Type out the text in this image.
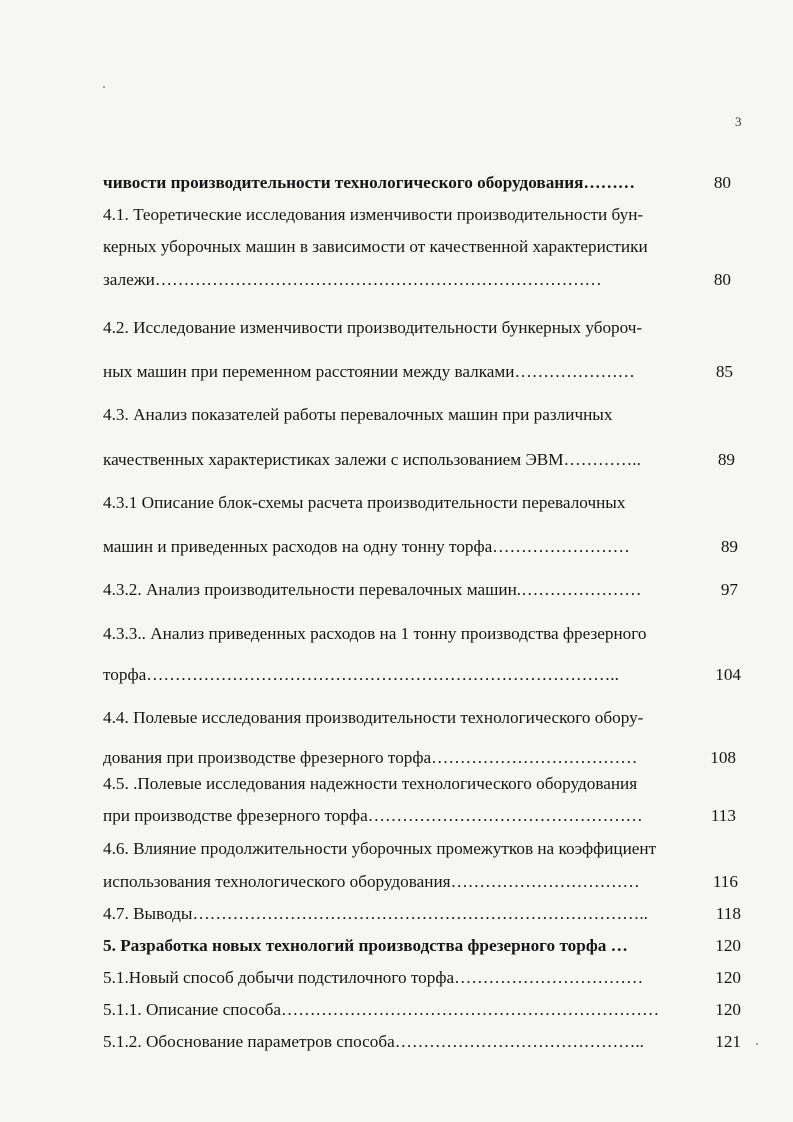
3
чивости производительности технологического оборудования………	80
4.1. Теоретические исследования изменчивости производительности бун-
керных уборочных машин в зависимости от качественной характеристики
залежи……………………………………………………………………	80
4.2. Исследование изменчивости производительности бункерных убороч-
ных машин при переменном расстоянии между валками…………………	85
4.3. Анализ показателей работы перевалочных машин при различных
качественных характеристиках залежи с использованием ЭВМ…………..	89
4.3.1 Описание блок-схемы расчета производительности перевалочных
машин и приведенных расходов на одну тонну торфа……………………	89
4.3.2. Анализ производительности перевалочных машин.…………………	97
4.3.3.. Анализ приведенных расходов на 1 тонну производства фрезерного
торфа………………………………………………………………………..	104
4.4. Полевые исследования производительности технологического обору-
дования при производстве фрезерного торфа………………………………	108
4.5. .Полевые исследования надежности технологического оборудования
при производстве фрезерного торфа…………………………………………	113
4.6. Влияние продолжительности уборочных промежутков на коэффициент
использования технологического оборудования……………………………	116
4.7. Выводы……………………………………………………………………..	118
5. Разработка новых технологий производства фрезерного торфа …	120
5.1.Новый способ добычи подстилочного торфа……………………………	120
5.1.1. Описание способа…………………………………………………………	120
5.1.2. Обоснование параметров способа……………………………………..	121
